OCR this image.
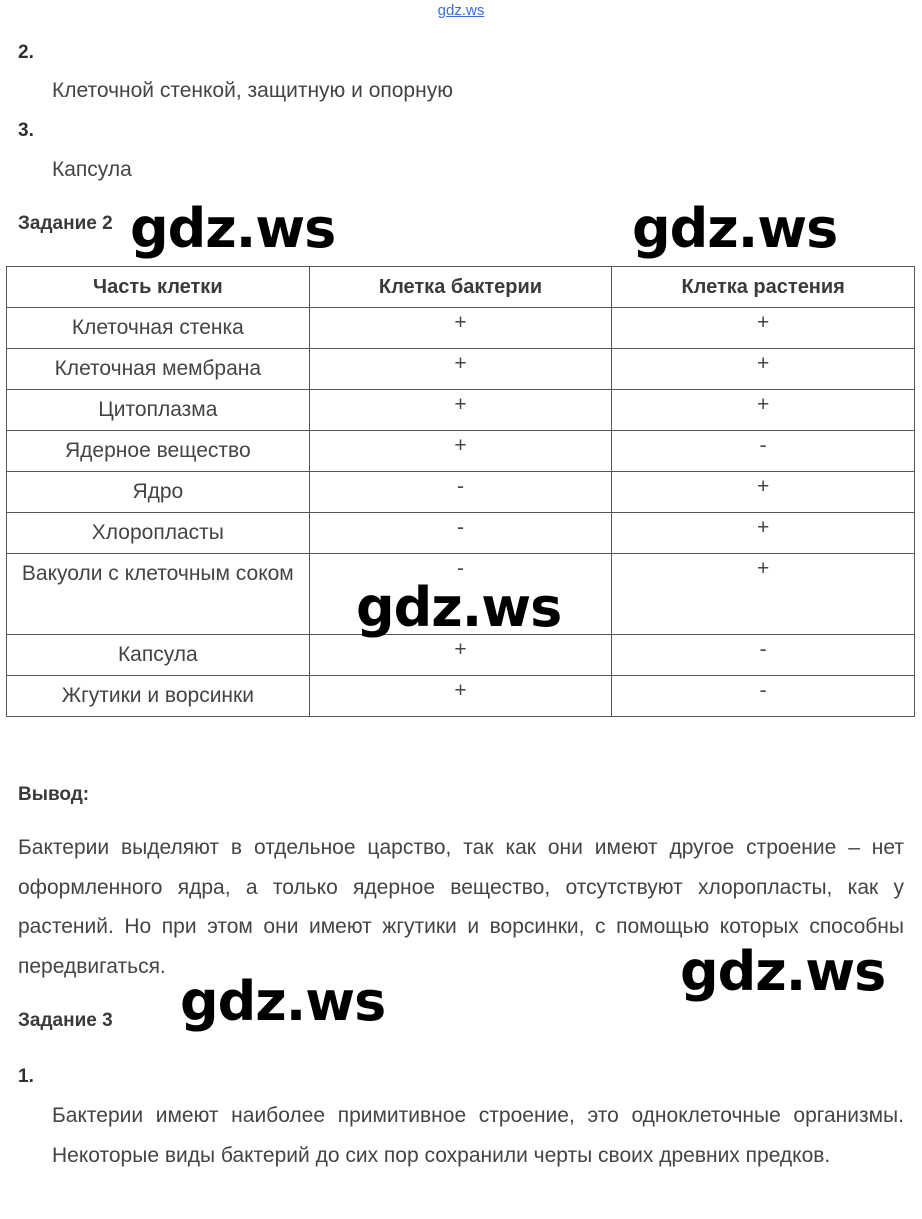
gdz.ws
2.
Клеточной стенкой, защитную и опорную
3.
Капсула
Задание 2
Часть клетки	Клетка бактерии	Клетка растения
Клеточная стенка	+	+
Клеточная мембрана	+	+
Цитоплазма	+	+
Ядерное вещество	+	-
Ядро	-	+
Хлоропласты	-	+
Вакуоли с клеточным соком	-	+
Капсула	+	-
Жгутики и ворсинки	+	-
Вывод:
Бактерии выделяют в отдельное царство, так как они имеют другое строение – нет оформленного ядра, а только ядерное вещество, отсутствуют хлоропласты, как у растений. Но при этом они имеют жгутики и ворсинки, с помощью которых способны передвигаться.
Задание 3
1.
Бактерии имеют наиболее примитивное строение, это одноклеточные организмы. Некоторые виды бактерий до сих пор сохранили черты своих древних предков.
gdz.ws	gdz.ws
gdz.ws
gdz.ws
gdz.ws
